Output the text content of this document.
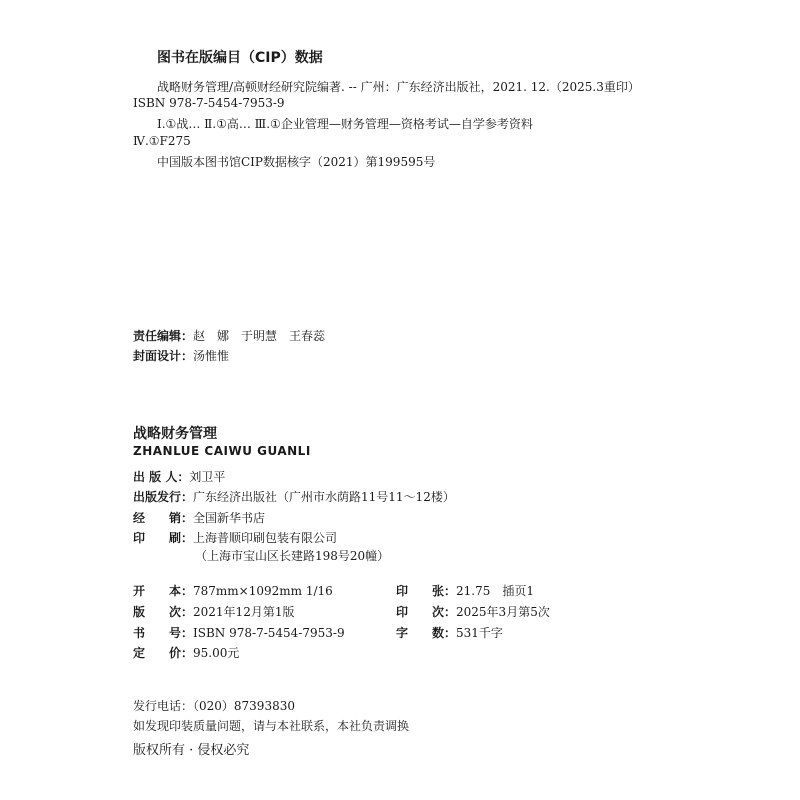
图书在版编目（CIP）数据
战略财务管理/高顿财经研究院编著. -- 广州：广东经济出版社，2021. 12.（2025.3重印）
ISBN 978-7-5454-7953-9
Ⅰ.①战… Ⅱ.①高… Ⅲ.①企业管理—财务管理—资格考试—自学参考资料
Ⅳ.①F275
中国版本图书馆CIP数据核字（2021）第199595号
责任编辑：赵　娜　于明慧　王春蕊
封面设计：汤惟惟
战略财务管理
ZHANLUE CAIWU GUANLI
出 版 人：刘卫平
出版发行：广东经济出版社（广州市水荫路11号11～12楼）
经　　销：全国新华书店
印　　刷：上海普顺印刷包装有限公司
（上海市宝山区长建路198号20幢）
开　　本：787mm×1092mm 1/16	印　　张：21.75　插页1
版　　次：2021年12月第1版	印　　次：2025年3月第5次
书　　号：ISBN 978-7-5454-7953-9	字　　数：531千字
定　　价：95.00元
发行电话：（020）87393830
如发现印装质量问题，请与本社联系，本社负责调换
版权所有 · 侵权必究
